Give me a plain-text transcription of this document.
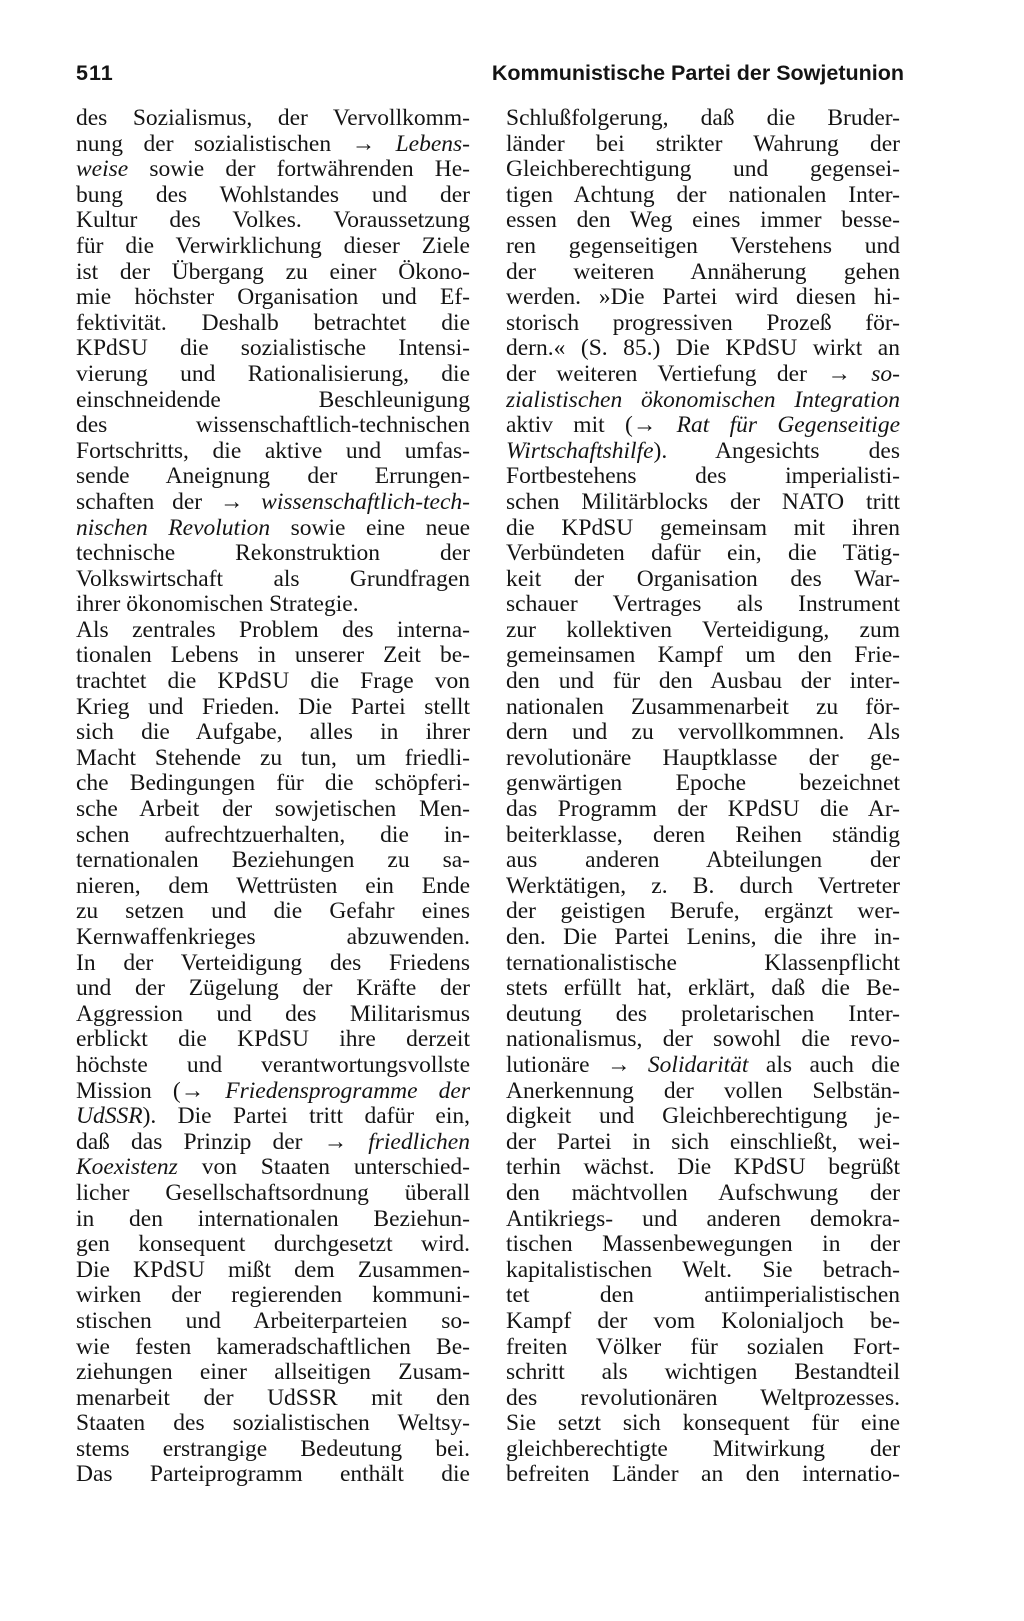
511	Kommunistische Partei der Sowjetunion
des Sozialismus, der Vervollkomm-
nung der sozialistischen → Lebens-
weise sowie der fortwährenden He-
bung des Wohlstandes und der
Kultur des Volkes. Voraussetzung
für die Verwirklichung dieser Ziele
ist der Übergang zu einer Ökono-
mie höchster Organisation und Ef-
fektivität. Deshalb betrachtet die
KPdSU die sozialistische Intensi-
vierung und Rationalisierung, die
einschneidende Beschleunigung
des wissenschaftlich-technischen
Fortschritts, die aktive und umfas-
sende Aneignung der Errungen-
schaften der → wissenschaftlich-tech-
nischen Revolution sowie eine neue
technische Rekonstruktion der
Volkswirtschaft als Grundfragen
ihrer ökonomischen Strategie.
Als zentrales Problem des interna-
tionalen Lebens in unserer Zeit be-
trachtet die KPdSU die Frage von
Krieg und Frieden. Die Partei stellt
sich die Aufgabe, alles in ihrer
Macht Stehende zu tun, um friedli-
che Bedingungen für die schöpferi-
sche Arbeit der sowjetischen Men-
schen aufrechtzuerhalten, die in-
ternationalen Beziehungen zu sa-
nieren, dem Wettrüsten ein Ende
zu setzen und die Gefahr eines
Kernwaffenkrieges abzuwenden.
In der Verteidigung des Friedens
und der Zügelung der Kräfte der
Aggression und des Militarismus
erblickt die KPdSU ihre derzeit
höchste und verantwortungsvollste
Mission (→ Friedensprogramme der
UdSSR). Die Partei tritt dafür ein,
daß das Prinzip der → friedlichen
Koexistenz von Staaten unterschied-
licher Gesellschaftsordnung überall
in den internationalen Beziehun-
gen konsequent durchgesetzt wird.
Die KPdSU mißt dem Zusammen-
wirken der regierenden kommuni-
stischen und Arbeiterparteien so-
wie festen kameradschaftlichen Be-
ziehungen einer allseitigen Zusam-
menarbeit der UdSSR mit den
Staaten des sozialistischen Weltsy-
stems erstrangige Bedeutung bei.
Das Parteiprogramm enthält die
Schlußfolgerung, daß die Bruder-
länder bei strikter Wahrung der
Gleichberechtigung und gegensei-
tigen Achtung der nationalen Inter-
essen den Weg eines immer besse-
ren gegenseitigen Verstehens und
der weiteren Annäherung gehen
werden. »Die Partei wird diesen hi-
storisch progressiven Prozeß för-
dern.« (S. 85.) Die KPdSU wirkt an
der weiteren Vertiefung der → so-
zialistischen ökonomischen Integration
aktiv mit (→ Rat für Gegenseitige
Wirtschaftshilfe). Angesichts des
Fortbestehens des imperialisti-
schen Militärblocks der NATO tritt
die KPdSU gemeinsam mit ihren
Verbündeten dafür ein, die Tätig-
keit der Organisation des War-
schauer Vertrages als Instrument
zur kollektiven Verteidigung, zum
gemeinsamen Kampf um den Frie-
den und für den Ausbau der inter-
nationalen Zusammenarbeit zu för-
dern und zu vervollkommnen. Als
revolutionäre Hauptklasse der ge-
genwärtigen Epoche bezeichnet
das Programm der KPdSU die Ar-
beiterklasse, deren Reihen ständig
aus anderen Abteilungen der
Werktätigen, z. B. durch Vertreter
der geistigen Berufe, ergänzt wer-
den. Die Partei Lenins, die ihre in-
ternationalistische Klassenpflicht
stets erfüllt hat, erklärt, daß die Be-
deutung des proletarischen Inter-
nationalismus, der sowohl die revo-
lutionäre → Solidarität als auch die
Anerkennung der vollen Selbstän-
digkeit und Gleichberechtigung je-
der Partei in sich einschließt, wei-
terhin wächst. Die KPdSU begrüßt
den mächtvollen Aufschwung der
Antikriegs- und anderen demokra-
tischen Massenbewegungen in der
kapitalistischen Welt. Sie betrach-
tet den antiimperialistischen
Kampf der vom Kolonialjoch be-
freiten Völker für sozialen Fort-
schritt als wichtigen Bestandteil
des revolutionären Weltprozesses.
Sie setzt sich konsequent für eine
gleichberechtigte Mitwirkung der
befreiten Länder an den internatio-
